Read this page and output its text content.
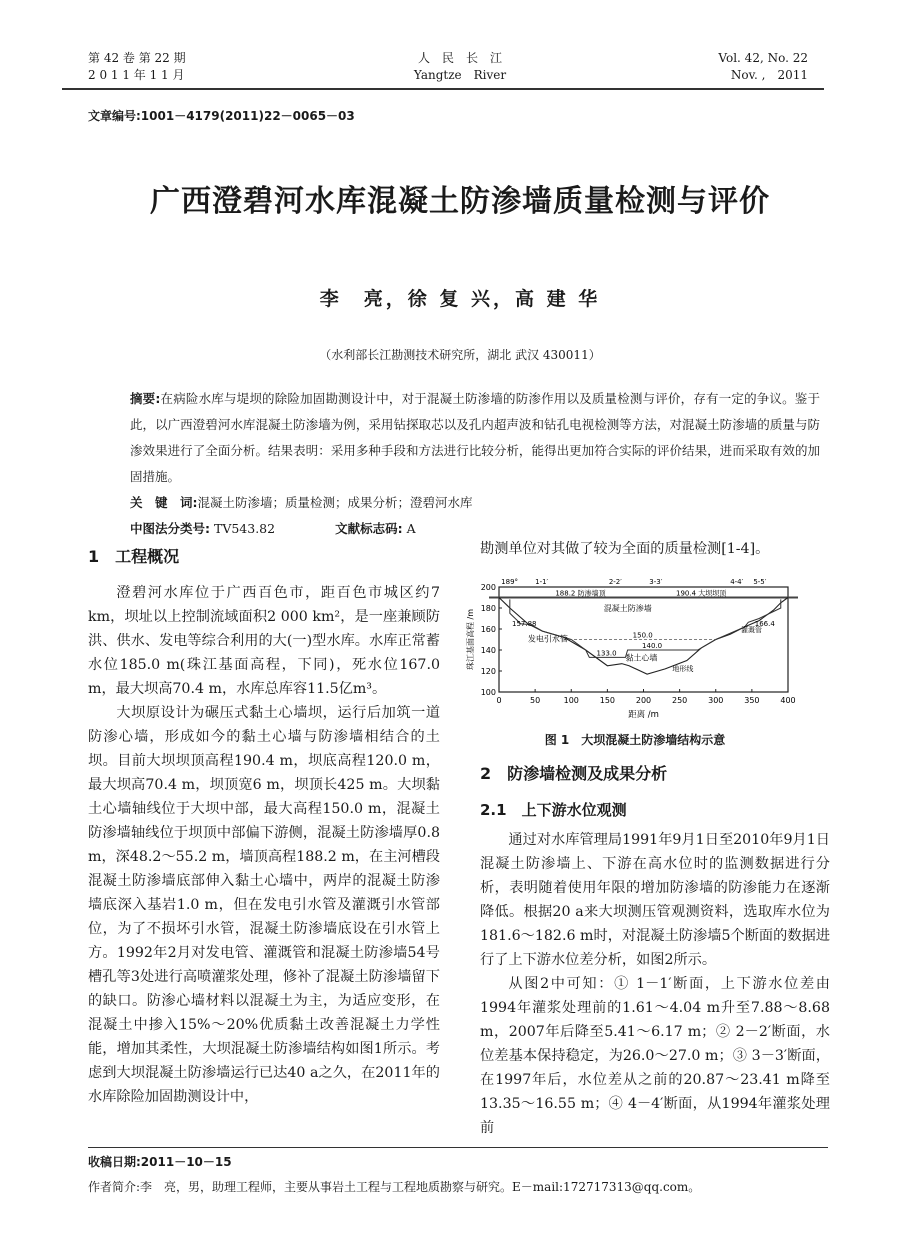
第 42 卷 第 22 期
2 0 1 1 年 1 1 月
人　民　长　江
Yangtze　River
Vol. 42, No. 22
Nov. ,　2011
文章编号:1001－4179(2011)22－0065－03
广西澄碧河水库混凝土防渗墙质量检测与评价
李　亮，徐 复 兴，高 建 华
（水利部长江勘测技术研究所，湖北 武汉 430011）
摘要:在病险水库与堤坝的除险加固勘测设计中，对于混凝土防渗墙的防渗作用以及质量检测与评价，存有一定的争议。鉴于此，以广西澄碧河水库混凝土防渗墙为例，采用钻探取芯以及孔内超声波和钻孔电视检测等方法，对混凝土防渗墙的质量与防渗效果进行了全面分析。结果表明：采用多种手段和方法进行比较分析，能得出更加符合实际的评价结果，进而采取有效的加固措施。
关　键　词:混凝土防渗墙；质量检测；成果分析；澄碧河水库
中图法分类号: TV543.82	文献标志码: A
1　工程概况

澄碧河水库位于广西百色市，距百色市城区约7 km，坝址以上控制流域面积2 000 km²，是一座兼顾防洪、供水、发电等综合利用的大(一)型水库。水库正常蓄水位185.0 m(珠江基面高程，下同)，死水位167.0 m，最大坝高70.4 m，水库总库容11.5亿m³。

大坝原设计为碾压式黏土心墙坝，运行后加筑一道防渗心墙，形成如今的黏土心墙与防渗墙相结合的土坝。目前大坝坝顶高程190.4 m，坝底高程120.0 m，最大坝高70.4 m，坝顶宽6 m，坝顶长425 m。大坝黏土心墙轴线位于大坝中部，最大高程150.0 m，混凝土防渗墙轴线位于坝顶中部偏下游侧，混凝土防渗墙厚0.8 m，深48.2～55.2 m，墙顶高程188.2 m，在主河槽段混凝土防渗墙底部伸入黏土心墙中，两岸的混凝土防渗墙底深入基岩1.0 m，但在发电引水管及灌溉引水管部位，为了不损坏引水管，混凝土防渗墙底设在引水管上方。1992年2月对发电管、灌溉管和混凝土防渗墙54号槽孔等3处进行高喷灌浆处理，修补了混凝土防渗墙留下的缺口。防渗心墙材料以混凝土为主，为适应变形，在混凝土中掺入15%～20%优质黏土改善混凝土力学性能，增加其柔性，大坝混凝土防渗墙结构如图1所示。考虑到大坝混凝土防渗墙运行已达40 a之久，在2011年的水库除险加固勘测设计中，

勘测单位对其做了较为全面的质量检测[1-4]。
0	50	100	150	200	250	300	350	400
100
120
140
160
180
200
距离 /m
珠江基面高程 /m
189° 1-1′	2-2′	3-3′	4-4′ 5-5′
188.2 防渗墙顶	190.4 大坝坝顶
混凝土防渗墙
157.88	166.4
150.0
140.0
133.0
发电引水管
黏土心墙
灌溉管
地形线
图 1　大坝混凝土防渗墙结构示意
2　防渗墙检测及成果分析
2.1　上下游水位观测

通过对水库管理局1991年9月1日至2010年9月1日混凝土防渗墙上、下游在高水位时的监测数据进行分析，表明随着使用年限的增加防渗墙的防渗能力在逐渐降低。根据20 a来大坝测压管观测资料，选取库水位为181.6～182.6 m时，对混凝土防渗墙5个断面的数据进行了上下游水位差分析，如图2所示。

从图2中可知：① 1－1′断面，上下游水位差由1994年灌浆处理前的1.61～4.04 m升至7.88～8.68 m，2007年后降至5.41～6.17 m；② 2－2′断面，水位差基本保持稳定，为26.0～27.0 m；③ 3－3′断面，在1997年后，水位差从之前的20.87～23.41 m降至13.35～16.55 m；④ 4－4′断面，从1994年灌浆处理前

收稿日期:2011－10－15
作者简介:李　亮，男，助理工程师，主要从事岩土工程与工程地质勘察与研究。E－mail:172717313@qq.com。
